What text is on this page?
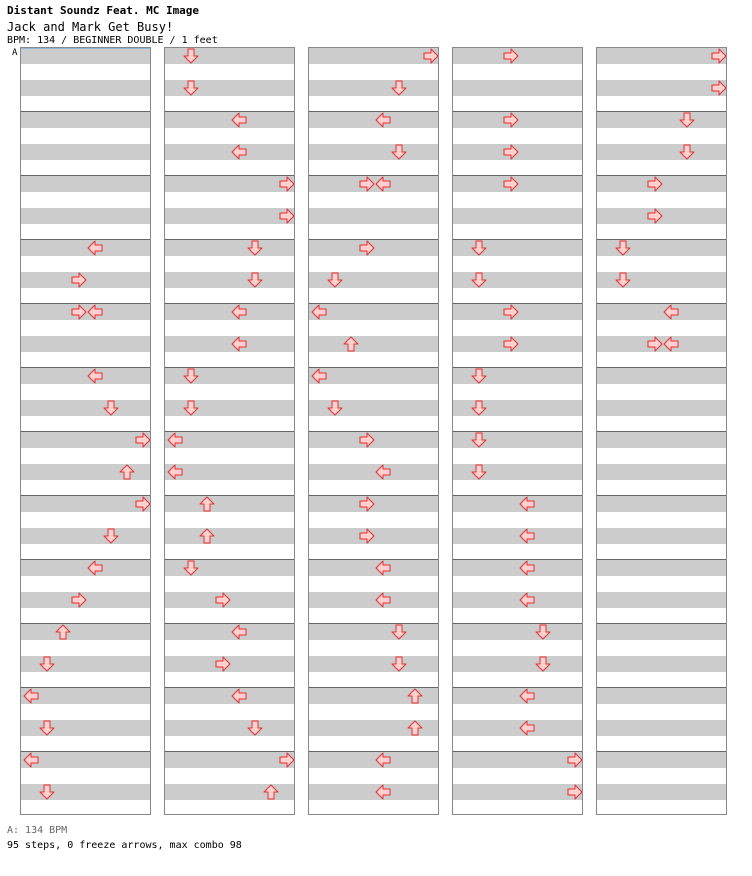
Distant Soundz Feat. MC Image
Jack and Mark Get Busy!
BPM: 134 / BEGINNER DOUBLE / 1 feet
A
A: 134 BPM
95 steps, 0 freeze arrows, max combo 98
